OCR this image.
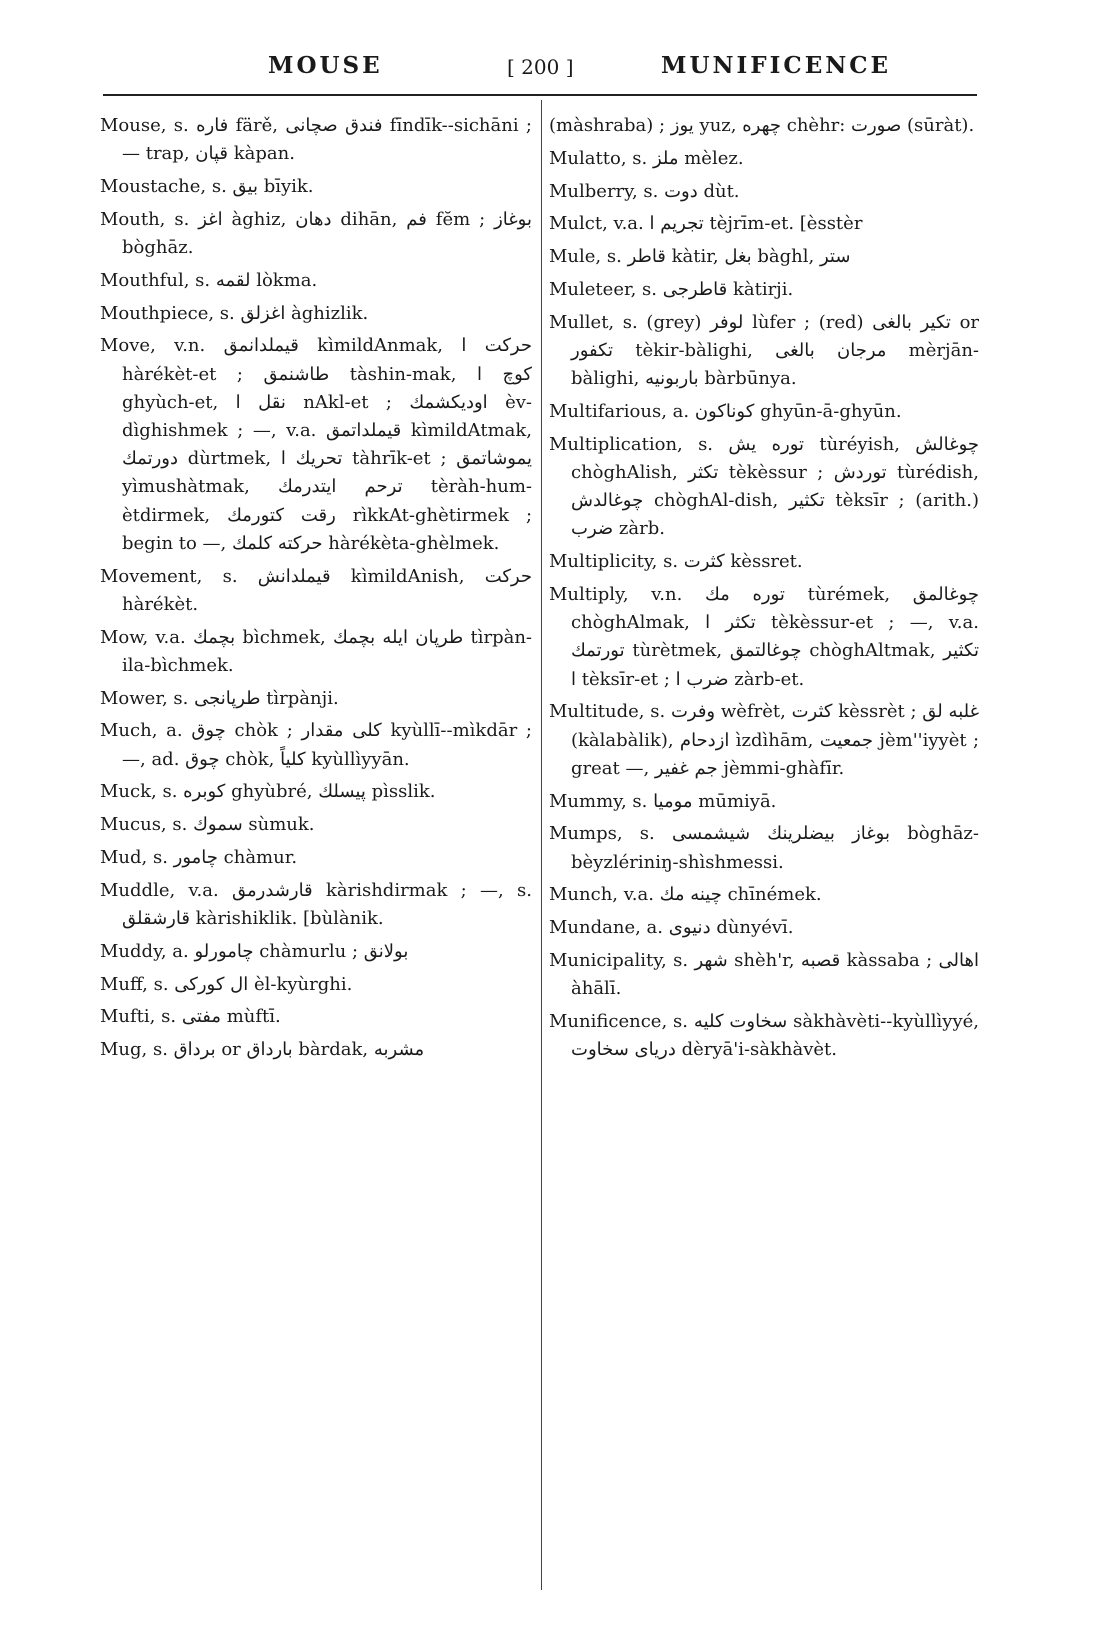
MOUSE	[ 200 ]	MUNIFICENCE

Mouse, s. فاره färě, فندق صچانی fīndīk--sichāni ; — trap, قپان kàpan.

Moustache, s. بیق bīyik.

Mouth, s. اغز àghiz, دهان dihān, فم fĕm ; بوغاز bòghāz.

Mouthful, s. لقمه lòkma.

Mouthpiece, s. اغزلق àghizlik.

Move, v.n. قیملدانمق kìmildAnmak, حرکت ا hàrékèt-et ; طاشنمق tàshin-mak, کوچ ا ghyùch-et, نقل ا nAkl-et ; اودیکشمك èv-dìghishmek ; —, v.a. قیملداتمق kìmildAtmak, دورتمك dùrtmek, تحریك ا tàhrīk-et ; یموشاتمق yìmushàtmak, ترحم ایتدرمك tèràh-hum-ètdirmek, رقت کتورمك rìkkAt-ghètirmek ; begin to —, حرکته کلمك hàrékèta-ghèlmek.

Movement, s. قیملدانش kìmildAnish, حرکت hàrékèt.

Mow, v.a. بچمك bìchmek, طرپان ایله بچمك tìrpàn-ila-bìchmek.

Mower, s. طرپانجی tìrpànji.

Much, a. چوق chòk ; کلی مقدار kyùllī--mìkdār ; —, ad. چوق chòk, کلیاً kyùllìyyān.

Muck, s. کوبره ghyùbré, پیسلك pìsslik.

Mucus, s. سموك sùmuk.

Mud, s. چامور chàmur.

Muddle, v.a. قارشدرمق kàrishdirmak ; —, s. قارشقلق kàrishiklik. [bùlànik.

Muddy, a. چامورلو chàmurlu ; بولانق

Muff, s. ال کورکی èl-kyùrghi.

Mufti, s. مفتی mùftī.

Mug, s. برداق or بارداق bàrdak, مشربه

(màshraba) ; یوز yuz, چهره chèhr: صورت (sūràt).

Mulatto, s. ملز mèlez.

Mulberry, s. دوت dùt.

Mulct, v.a. تجریم ا tèjrīm-et. [èsstèr

Mule, s. قاطر kàtir, بغل bàghl, ستر

Muleteer, s. قاطرجی kàtirji.

Mullet, s. (grey) لوفر lùfer ; (red) تکیر بالغی or تکفور tèkir-bàlighi, مرجان بالغی mèrjān-bàlighi, باربونیه bàrbūnya.

Multifarious, a. کوناکون ghyūn-ā-ghyūn.

Multiplication, s. توره یش tùréyish, چوغالش chòghAlish, تکثر tèkèssur ; توردش tùrédish, چوغالدش chòghAl-dish, تکثیر tèksīr ; (arith.) ضرب zàrb.

Multiplicity, s. کثرت kèssret.

Multiply, v.n. توره مك tùrémek, چوغالمق chòghAlmak, تکثر ا tèkèssur-et ; —, v.a. تورتمك tùrètmek, چوغالتمق chòghAltmak, تکثیر ا tèksīr-et ; ضرب ا zàrb-et.

Multitude, s. وفرت wèfrèt, کثرت kèssrèt ; غلبه لق (kàlabàlik), ازدحام ìzdìhām, جمعیت jèm''iyyèt ; great —, جم غفیر jèmmi-ghàfīr.

Mummy, s. مومیا mūmiyā.

Mumps, s. بوغاز بیضلرینك شیشمسی bòghāz-bèyzlériniŋ-shìshmessi.

Munch, v.a. چینه مك chīnémek.

Mundane, a. دنیوی dùnyévī.

Municipality, s. شهر shèh'r, قصبه kàssaba ; اهالی àhālī.

Munificence, s. سخاوت کلیه sàkhàvèti--kyùllìyyé, دریای سخاوت dèryā'i-sàkhàvèt.
